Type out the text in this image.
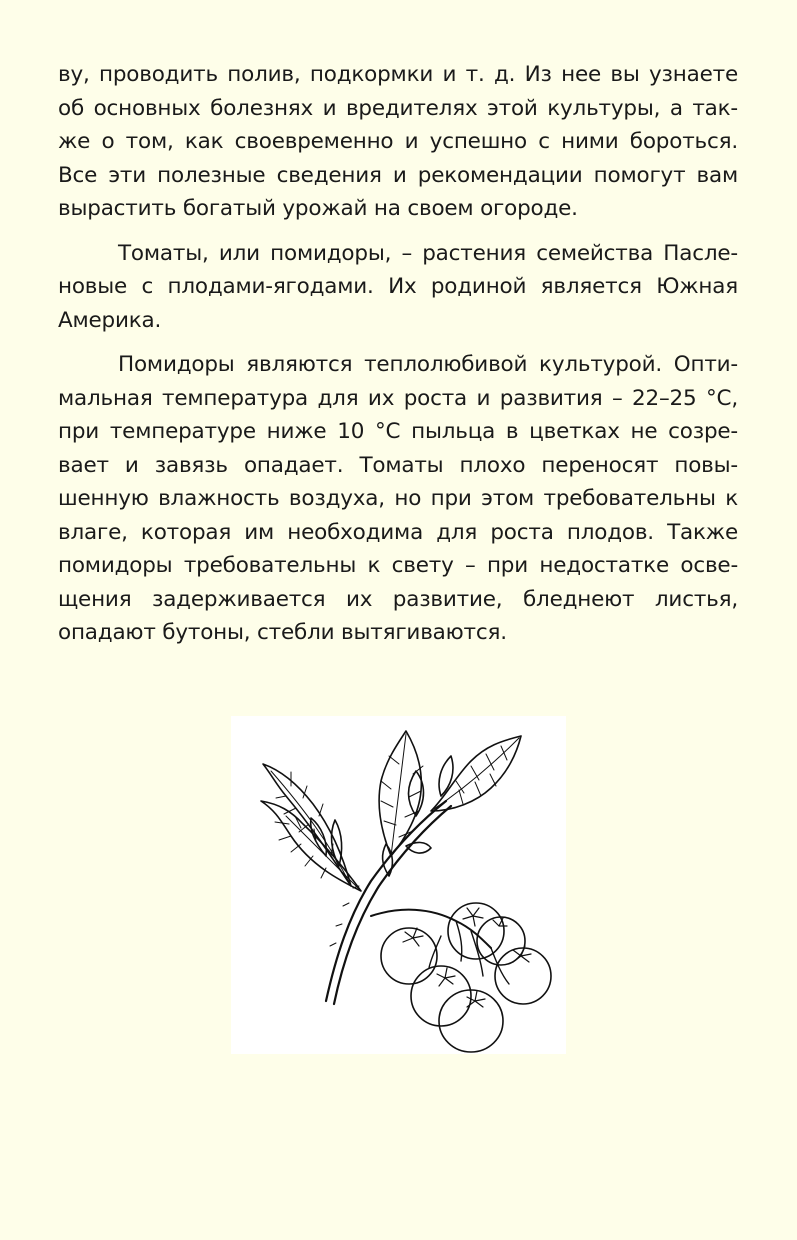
ву, проводить полив, подкормки и т. д. Из нее вы узнаете
об основных болезнях и вредителях этой культуры, а так-
же о том, как своевременно и успешно с ними бороться.
Все эти полезные сведения и рекомендации помогут вам
вырастить богатый урожай на своем огороде.
Томаты, или помидоры, – растения семейства Пасле-
новые с плодами-ягодами. Их родиной является Южная
Америка.
Помидоры являются теплолюбивой культурой. Опти-
мальная температура для их роста и развития – 22–25 °С,
при температуре ниже 10 °С пыльца в цветках не созре-
вает и завязь опадает. Томаты плохо переносят повы-
шенную влажность воздуха, но при этом требовательны к
влаге, которая им необходима для роста плодов. Также
помидоры требовательны к свету – при недостатке осве-
щения задерживается их развитие, бледнеют листья,
опадают бутоны, стебли вытягиваются.
